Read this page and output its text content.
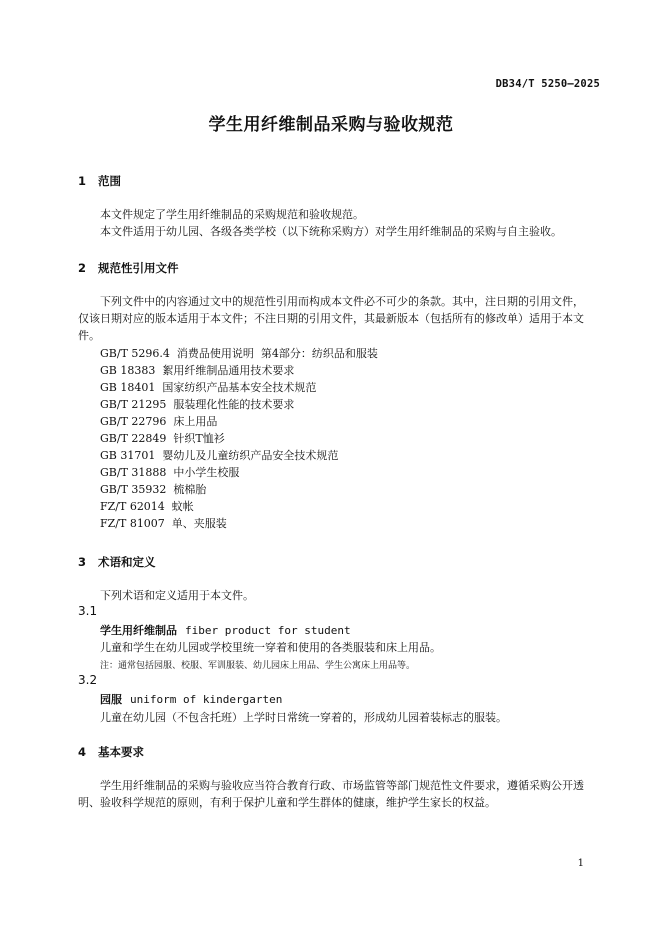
DB34/T 5250—2025
学生用纤维制品采购与验收规范
1 范围
本文件规定了学生用纤维制品的采购规范和验收规范。
本文件适用于幼儿园、各级各类学校（以下统称采购方）对学生用纤维制品的采购与自主验收。
2 规范性引用文件
下列文件中的内容通过文中的规范性引用而构成本文件必不可少的条款。其中，注日期的引用文件，仅该日期对应的版本适用于本文件；不注日期的引用文件，其最新版本（包括所有的修改单）适用于本文件。
GB/T 5296.4  消费品使用说明  第4部分：纺织品和服装
GB 18383  絮用纤维制品通用技术要求
GB 18401  国家纺织产品基本安全技术规范
GB/T 21295  服装理化性能的技术要求
GB/T 22796  床上用品
GB/T 22849  针织T恤衫
GB 31701  婴幼儿及儿童纺织产品安全技术规范
GB/T 31888  中小学生校服
GB/T 35932  梳棉胎
FZ/T 62014  蚊帐
FZ/T 81007  单、夹服装
3 术语和定义
下列术语和定义适用于本文件。
3.1
学生用纤维制品 fiber product for student
儿童和学生在幼儿园或学校里统一穿着和使用的各类服装和床上用品。
注：通常包括园服、校服、军训服装、幼儿园床上用品、学生公寓床上用品等。
3.2
园服 uniform of kindergarten
儿童在幼儿园（不包含托班）上学时日常统一穿着的，形成幼儿园着装标志的服装。
4 基本要求
学生用纤维制品的采购与验收应当符合教育行政、市场监管等部门规范性文件要求，遵循采购公开透明、验收科学规范的原则，有利于保护儿童和学生群体的健康，维护学生家长的权益。
1
